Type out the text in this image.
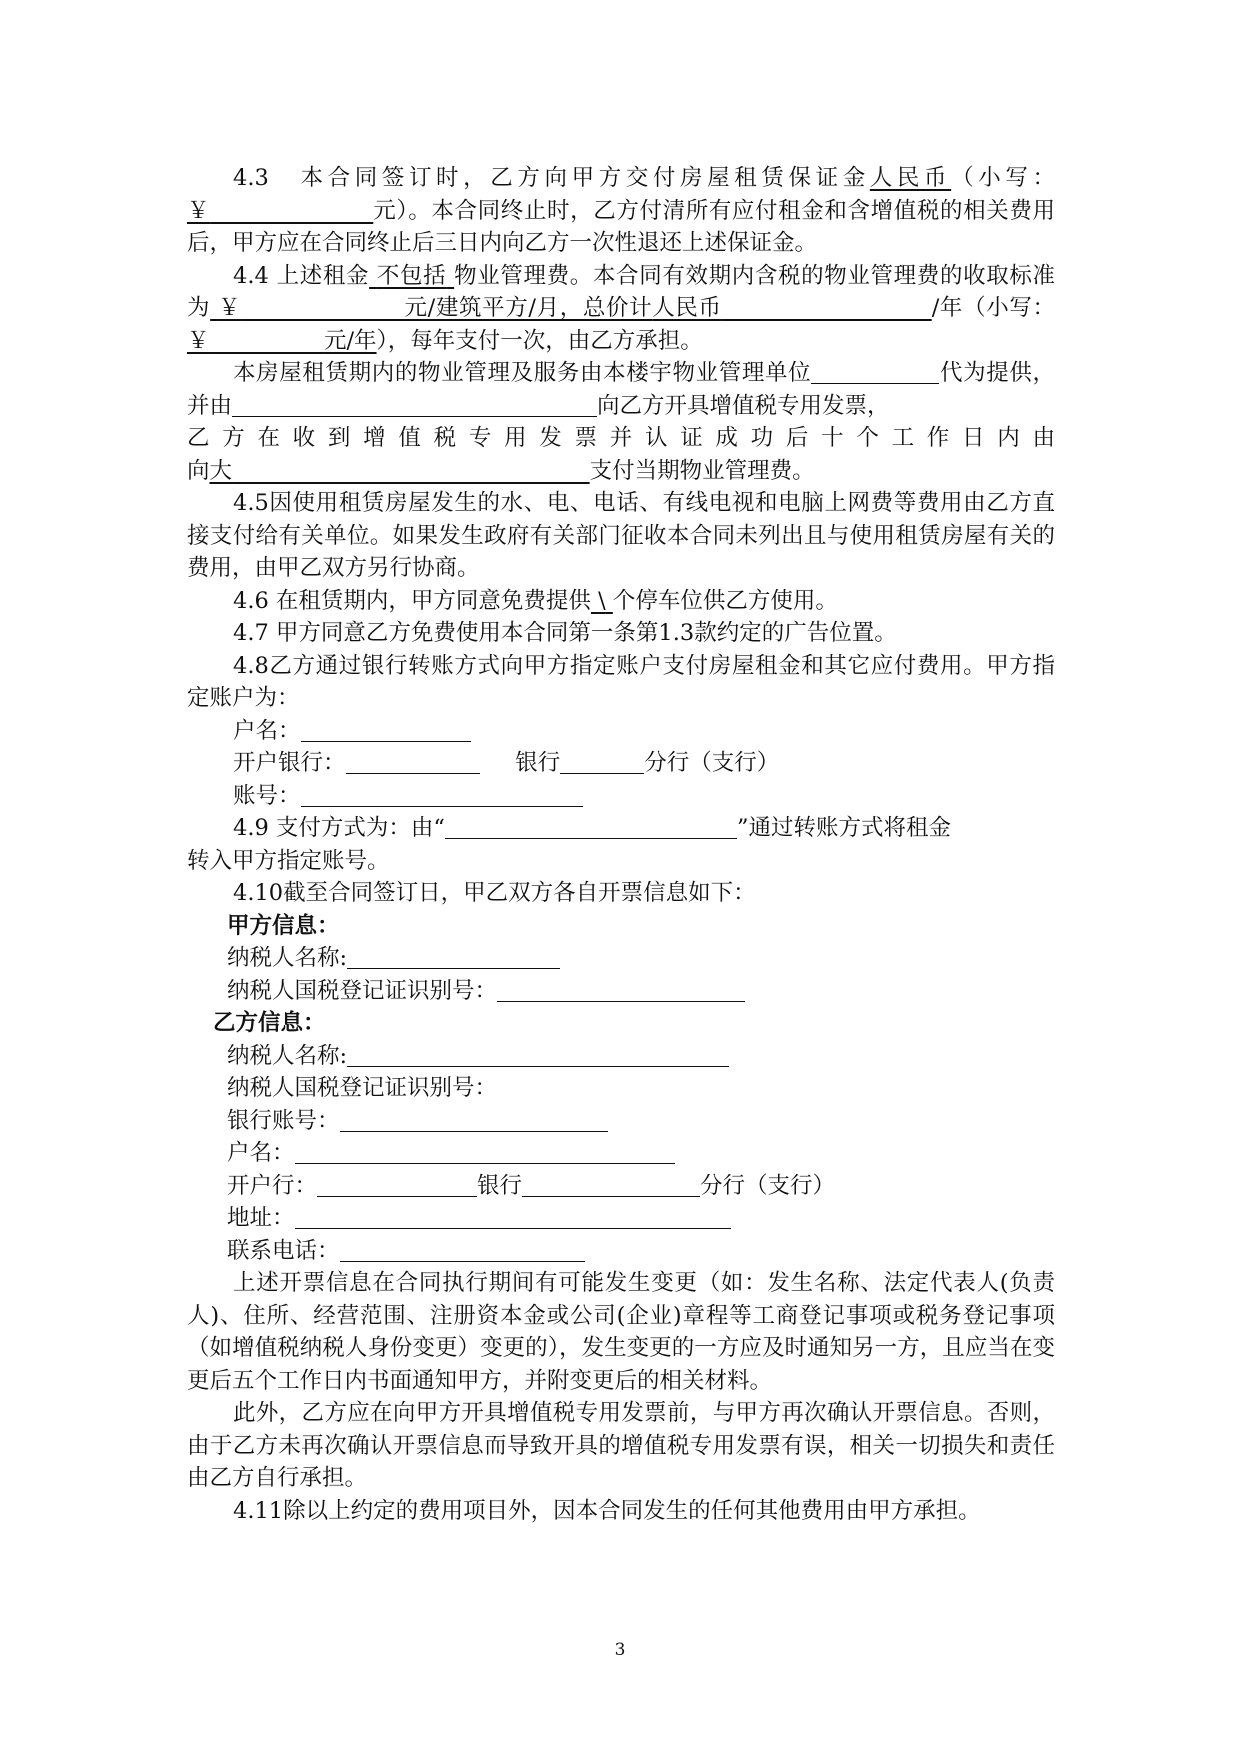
4.3　本合同签订时，乙方向甲方交付房屋租赁保证金人民币（小写：￥	元）。本合同终止时，乙方付清所有应付租金和含增值税的相关费用后，甲方应在合同终止后三日内向乙方一次性退还上述保证金。

4.4 上述租金 不包括 物业管理费。本合同有效期内含税的物业管理费的收取标准为 ￥	元/建筑平方/月，总价计人民币	/年（小写：￥	元/年），每年支付一次，由乙方承担。

本房屋租赁期内的物业管理及服务由本楼宇物业管理单位	代为提供，并由	向乙方开具增值税专用发票，

乙方在收到增值税专用发票并认证成功后十个工作日内由

向大	支付当期物业管理费。

4.5因使用租赁房屋发生的水、电、电话、有线电视和电脑上网费等费用由乙方直接支付给有关单位。如果发生政府有关部门征收本合同未列出且与使用租赁房屋有关的费用，由甲乙双方另行协商。

4.6 在租赁期内，甲方同意免费提供 \ 个停车位供乙方使用。

4.7 甲方同意乙方免费使用本合同第一条第1.3款约定的广告位置。

4.8乙方通过银行转账方式向甲方指定账户支付房屋租金和其它应付费用。甲方指定账户为：

户名：

开户银行：	银行	分行（支行）

账号：

4.9 支付方式为：由“	”通过转账方式将租金

转入甲方指定账号。

4.10截至合同签订日，甲乙双方各自开票信息如下：

甲方信息：

纳税人名称:

纳税人国税登记证识别号：

乙方信息：

纳税人名称:

纳税人国税登记证识别号：

银行账号：

户名：

开户行：	银行	分行（支行）

地址：

联系电话：

上述开票信息在合同执行期间有可能发生变更（如：发生名称、法定代表人(负责人)、住所、经营范围、注册资本金或公司(企业)章程等工商登记事项或税务登记事项（如增值税纳税人身份变更）变更的），发生变更的一方应及时通知另一方，且应当在变更后五个工作日内书面通知甲方，并附变更后的相关材料。

此外，乙方应在向甲方开具增值税专用发票前，与甲方再次确认开票信息。否则，由于乙方未再次确认开票信息而导致开具的增值税专用发票有误，相关一切损失和责任由乙方自行承担。

4.11除以上约定的费用项目外，因本合同发生的任何其他费用由甲方承担。

3
